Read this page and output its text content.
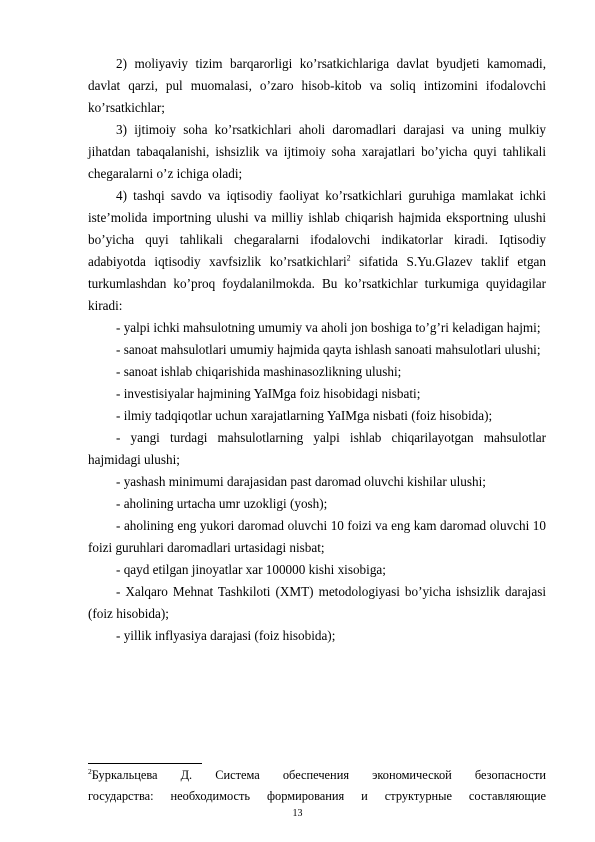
2) moliyaviy tizim barqarorligi ko’rsatkichlariga davlat byudjeti kamomadi, davlat qarzi, pul muomalasi, o’zaro hisob-kitob va soliq intizomini ifodalovchi ko’rsatkichlar;

3) ijtimoiy soha ko’rsatkichlari aholi daromadlari darajasi va uning mulkiy jihatdan tabaqalanishi, ishsizlik va ijtimoiy soha xarajatlari bo’yicha quyi tahlikali chegaralarni o’z ichiga oladi;

4) tashqi savdo va iqtisodiy faoliyat ko’rsatkichlari guruhiga mamlakat ichki iste’molida importning ulushi va milliy ishlab chiqarish hajmida eksportning ulushi bo’yicha quyi tahlikali chegaralarni ifodalovchi indikatorlar kiradi. Iqtisodiy adabiyotda iqtisodiy xavfsizlik ko’rsatkichlari$^2$ sifatida S.Yu.Glazev taklif etgan turkumlashdan ko’proq foydalanilmokda. Bu ko’rsatkichlar turkumiga quyidagilar kiradi:

- yalpi ichki mahsulotning umumiy va aholi jon boshiga to’g’ri keladigan hajmi;

- sanoat mahsulotlari umumiy hajmida qayta ishlash sanoati mahsulotlari ulushi;

- sanoat ishlab chiqarishida mashinasozlikning ulushi;

- investisiyalar hajmining YaIMga foiz hisobidagi nisbati;

- ilmiy tadqiqotlar uchun xarajatlarning YaIMga nisbati (foiz hisobida);

- yangi turdagi mahsulotlarning yalpi ishlab chiqarilayotgan mahsulotlar hajmidagi ulushi;

- yashash minimumi darajasidan past daromad oluvchi kishilar ulushi;

- aholining urtacha umr uzokligi (yosh);

- aholining eng yukori daromad oluvchi 10 foizi va eng kam daromad oluvchi 10 foizi guruhlari daromadlari urtasidagi nisbat;

- qayd etilgan jinoyatlar xar 100000 kishi xisobiga;

- Xalqaro Mehnat Tashkiloti (XMT) metodologiyasi bo’yicha ishsizlik darajasi (foiz hisobida);

- yillik inflyasiya darajasi (foiz hisobida);

$^2$Буркальцева Д. Система обеспечения экономической безопасности

государства: необходимость формирования и структурные составляющие

13
